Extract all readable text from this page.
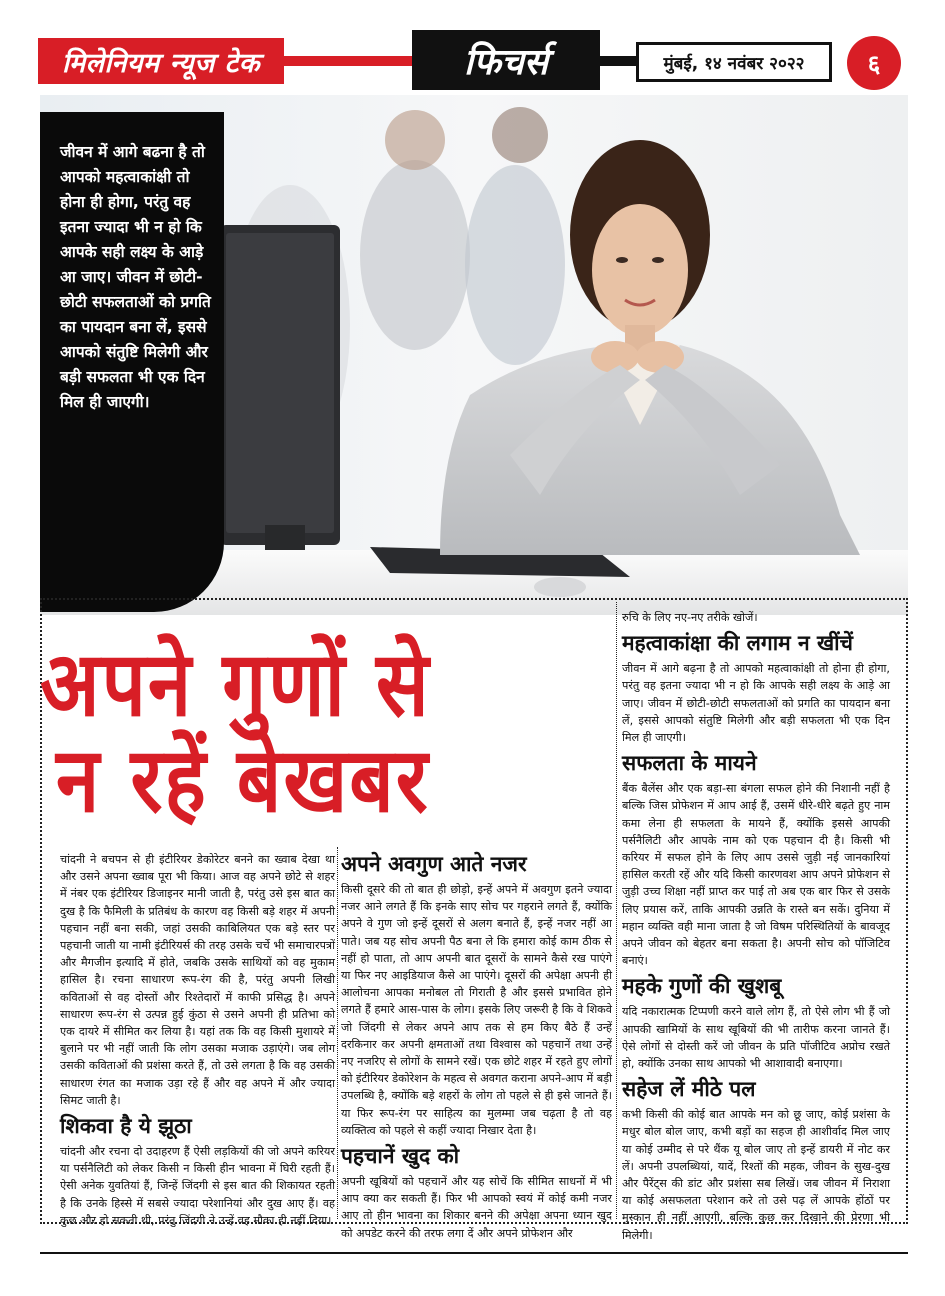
मिलेनियम न्यूज टेक	फिचर्स	मुंबई, १४ नवंबर २०२२	६

जीवन में आगे बढना है तो आपको महत्वाकांक्षी तो होना ही होगा, परंतु वह इतना ज्यादा भी न हो कि आपके सही लक्ष्य के आड़े आ जाए। जीवन में छोटी-छोटी सफलताओं को प्रगति का पायदान बना लें, इससे आपको संतुष्टि मिलेगी और बड़ी सफलता भी एक दिन मिल ही जाएगी।

अपने गुणों से
न रहें बेखबर

चांदनी ने बचपन से ही इंटीरियर डेकोरेटर बनने का ख्वाब देखा था और उसने अपना ख्वाब पूरा भी किया। आज वह अपने छोटे से शहर में नंबर एक इंटीरियर डिजाइनर मानी जाती है, परंतु उसे इस बात का दुख है कि फैमिली के प्रतिबंध के कारण वह किसी बड़े शहर में अपनी पहचान नहीं बना सकी, जहां उसकी काबिलियत एक बड़े स्तर पर पहचानी जाती या नामी इंटीरियर्स की तरह उसके चर्चे भी समाचारपत्रों और मैगजीन इत्यादि में होते, जबकि उसके साथियों को वह मुकाम हासिल है। रचना साधारण रूप-रंग की है, परंतु अपनी लिखी कविताओं से वह दोस्तों और रिश्तेदारों में काफी प्रसिद्ध है। अपने साधारण रूप-रंग से उत्पन्न हुई कुंठा से उसने अपनी ही प्रतिभा को एक दायरे में सीमित कर लिया है। यहां तक कि वह किसी मुशायरे में बुलाने पर भी नहीं जाती कि लोग उसका मजाक उड़ाएंगे। जब लोग उसकी कविताओं की प्रशंसा करते हैं, तो उसे लगता है कि वह उसकी साधारण रंगत का मजाक उड़ा रहे हैं और वह अपने में और ज्यादा सिमट जाती है।

शिकवा है ये झूठा

चांदनी और रचना दो उदाहरण हैं ऐसी लड़कियों की जो अपने करियर या पर्सनैलिटी को लेकर किसी न किसी हीन भावना में घिरी रहती हैं। ऐसी अनेक युवतियां हैं, जिन्हें जिंदगी से इस बात की शिकायत रहती है कि उनके हिस्से में सबसे ज्यादा परेशानियां और दुख आए हैं। वह कुछ और हो सकती थी, परंतु जिंदगी ने उन्हें वह मौका ही नहीं दिया।

अपने अवगुण आते नजर

किसी दूसरे की तो बात ही छोड़ो, इन्हें अपने में अवगुण इतने ज्यादा नजर आने लगते हैं कि इनके साए सोच पर गहराने लगते हैं, क्योंकि अपने वे गुण जो इन्हें दूसरों से अलग बनाते हैं, इन्हें नजर नहीं आ पाते। जब यह सोच अपनी पैठ बना ले कि हमारा कोई काम ठीक से नहीं हो पाता, तो आप अपनी बात दूसरों के सामने कैसे रख पाएंगे या फिर नए आइडियाज कैसे आ पाएंगे। दूसरों की अपेक्षा अपनी ही आलोचना आपका मनोबल तो गिराती है और इससे प्रभावित होने लगते हैं हमारे आस-पास के लोग। इसके लिए जरूरी है कि वे शिकवे जो जिंदगी से लेकर अपने आप तक से हम किए बैठे हैं उन्हें दरकिनार कर अपनी क्षमताओं तथा विश्वास को पहचानें तथा उन्हें नए नजरिए से लोगों के सामने रखें। एक छोटे शहर में रहते हुए लोगों को इंटीरियर डेकोरेशन के महत्व से अवगत कराना अपने-आप में बड़ी उपलब्धि है, क्योंकि बड़े शहरों के लोग तो पहले से ही इसे जानते हैं। या फिर रूप-रंग पर साहित्य का मुलम्मा जब चढ़ता है तो वह व्यक्तित्व को पहले से कहीं ज्यादा निखार देता है।

पहचानें खुद को

अपनी खूबियों को पहचानें और यह सोचें कि सीमित साधनों में भी आप क्या कर सकती हैं। फिर भी आपको स्वयं में कोई कमी नजर आए तो हीन भावना का शिकार बनने की अपेक्षा अपना ध्यान खुद को अपडेट करने की तरफ लगा दें और अपने प्रोफेशन और

रुचि के लिए नए-नए तरीके खोजें।

महत्वाकांक्षा की लगाम न खींचें

जीवन में आगे बढ़ना है तो आपको महत्वाकांक्षी तो होना ही होगा, परंतु वह इतना ज्यादा भी न हो कि आपके सही लक्ष्य के आड़े आ जाए। जीवन में छोटी-छोटी सफलताओं को प्रगति का पायदान बना लें, इससे आपको संतुष्टि मिलेगी और बड़ी सफलता भी एक दिन मिल ही जाएगी।

सफलता के मायने

बैंक बैलेंस और एक बड़ा-सा बंगला सफल होने की निशानी नहीं है बल्कि जिस प्रोफेशन में आप आई हैं, उसमें धीरे-धीरे बढ़ते हुए नाम कमा लेना ही सफलता के मायने हैं, क्योंकि इससे आपकी पर्सनैलिटी और आपके नाम को एक पहचान दी है। किसी भी करियर में सफल होने के लिए आप उससे जुड़ी नई जानकारियां हासिल करती रहें और यदि किसी कारणवश आप अपने प्रोफेशन से जुड़ी उच्च शिक्षा नहीं प्राप्त कर पाई तो अब एक बार फिर से उसके लिए प्रयास करें, ताकि आपकी उन्नति के रास्ते बन सकें। दुनिया में महान व्यक्ति वही माना जाता है जो विषम परिस्थितियों के बावजूद अपने जीवन को बेहतर बना सकता है। अपनी सोच को पॉजिटिव बनाएं।

महके गुणों की खुशबू

यदि नकारात्मक टिप्पणी करने वाले लोग हैं, तो ऐसे लोग भी हैं जो आपकी खामियों के साथ खूबियों की भी तारीफ करना जानते हैं। ऐसे लोगों से दोस्ती करें जो जीवन के प्रति पॉजीटिव अप्रोच रखते हो, क्योंकि उनका साथ आपको भी आशावादी बनाएगा।

सहेज लें मीठे पल

कभी किसी की कोई बात आपके मन को छू जाए, कोई प्रशंसा के मधुर बोल बोल जाए, कभी बड़ों का सहज ही आशीर्वाद मिल जाए या कोई उम्मीद से परे थैंक यू बोल जाए तो इन्हें डायरी में नोट कर लें। अपनी उपलब्धियां, यादें, रिश्तों की महक, जीवन के सुख-दुख और पैरेंट्स की डांट और प्रशंसा सब लिखें। जब जीवन में निराशा या कोई असफलता परेशान करे तो उसे पढ़ लें आपके होंठों पर मुस्कान ही नहीं आएगी, बल्कि कुछ कर दिखाने की प्रेरणा भी मिलेगी।
